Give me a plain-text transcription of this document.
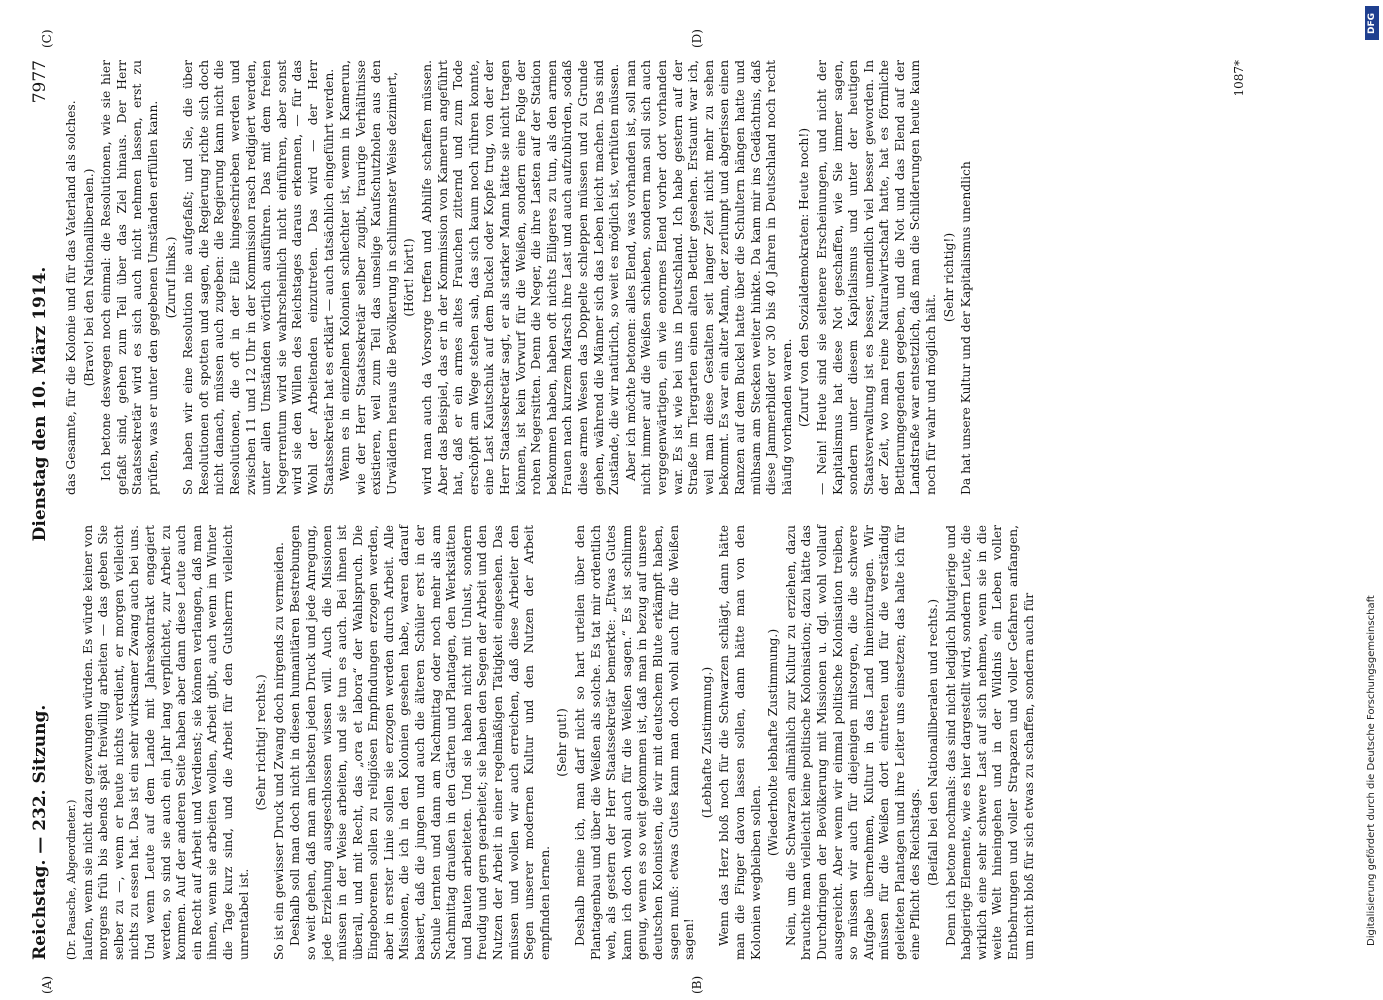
Reichstag. — 232. Sitzung.
Dienstag den 10. März 1914.
7977

(Dr. Paasche, Abgeordneter.) laufen, wenn sie nicht dazu gezwungen würden. Es würde keiner von morgens früh bis abends spät freiwillig arbeiten — das geben Sie selber zu —, wenn er heute nichts verdient, er morgen vielleicht nichts zu essen hat. Das ist ein sehr wirksamer Zwang auch bei uns. Und wenn Leute auf dem Lande mit Jahreskontrakt engagiert werden, so sind sie auch ein Jahr lang verpflichtet, zur Arbeit zu kommen. Auf der anderen Seite haben aber dann diese Leute auch ein Recht auf Arbeit und Verdienst; sie können verlangen, daß man ihnen, wenn sie arbeiten wollen, Arbeit gibt, auch wenn im Winter die Tage kurz sind, und die Arbeit für den Gutsherrn vielleicht unrentabel ist.

(Sehr richtig! rechts.) So ist ein gewisser Druck und Zwang doch nirgends zu vermeiden. Deshalb soll man doch nicht in diesen humanitären Bestrebungen so weit gehen, daß man am liebsten jeden Druck und jede Anregung, jede Erziehung ausgeschlossen wissen will. Auch die Missionen müssen in der Weise arbeiten, und sie tun es auch. Bei ihnen ist überall, und mit Recht, das „ora et labora“ der Wahlspruch. Die Eingeborenen sollen zu religiösen Empfindungen erzogen werden, aber in erster Linie sollen sie erzogen werden durch Arbeit. Alle Missionen, die ich in den Kolonien gesehen habe, waren darauf basiert, daß die jungen und auch die älteren Schüler erst in der Schule lernten und dann am Nachmittag oder noch mehr als am Nachmittag draußen in den Gärten und Plantagen, den Werkstätten und Bauten arbeiteten. Und sie haben nicht mit Unlust, sondern freudig und gern gearbeitet; sie haben den Segen der Arbeit und den Nutzen der Arbeit in einer regelmäßigen Tätigkeit eingesehen. Das müssen und wollen wir auch erreichen, daß diese Arbeiter den Segen unserer modernen Kultur und den Nutzen der Arbeit empfinden lernen.

(Sehr gut!) Deshalb meine ich, man darf nicht so hart urteilen über den Plantagenbau und über die Weißen als solche. Es tat mir ordentlich weh, als gestern der Herr Staatssekretär bemerkte: „Etwas Gutes kann ich doch wohl auch für die Weißen sagen.“ Es ist schlimm genug, wenn es so weit gekommen ist, daß man in bezug auf unsere deutschen Kolonisten, die wir mit deutschem Blute erkämpft haben, sagen muß: etwas Gutes kann man doch wohl auch für die Weißen sagen!

(Lebhafte Zustimmung.) Wenn das Herz bloß noch für die Schwarzen schlägt, dann hätte man die Finger davon lassen sollen, dann hätte man von den Kolonien wegbleiben sollen.

(Wiederholte lebhafte Zustimmung.) Nein, um die Schwarzen allmählich zur Kultur zu erziehen, dazu brauchte man vielleicht keine politische Kolonisation; dazu hätte das Durchdringen der Bevölkerung mit Missionen u. dgl. wohl vollauf ausgereicht. Aber wenn wir einmal politische Kolonisation treiben, so müssen wir auch für diejenigen mitsorgen, die die schwere Aufgabe übernehmen, Kultur in das Land hineinzutragen. Wir müssen für die Weißen dort eintreten und für die verständig geleiteten Plantagen und ihre Leiter uns einsetzen; das halte ich für eine Pflicht des Reichstags. (Beifall bei den Nationalliberalen und rechts.) Denn ich betone nochmals: das sind nicht lediglich blutgierige und habgierige Elemente, wie es hier dargestellt wird, sondern Leute, die wirklich eine sehr schwere Last auf sich nehmen, wenn sie in die weite Welt hineingehen und in der Wildnis ein Leben voller Entbehrungen und voller Strapazen und voller Gefahren anfangen, um nicht bloß für sich etwas zu schaffen, sondern auch für

das Gesamte, für die Kolonie und für das Vaterland als solches. (Bravo! bei den Nationalliberalen.) Ich betone deswegen noch einmal: die Resolutionen, wie sie hier gefaßt sind, gehen zum Teil über das Ziel hinaus. Der Herr Staatssekretär wird es sich auch nicht nehmen lassen, erst zu prüfen, was er unter den gegebenen Umständen erfüllen kann. (Zuruf links.) So haben wir eine Resolution nie aufgefaßt; und Sie, die über Resolutionen oft spotten und sagen, die Regierung richte sich doch nicht danach, müssen auch zugeben: die Regierung kann nicht die Resolutionen, die oft in der Eile hingeschrieben werden und zwischen 11 und 12 Uhr in der Kommission rasch redigiert werden, unter allen Umständen wörtlich ausführen. Das mit dem freien Negerrentum wird sie wahrscheinlich nicht einführen, aber sonst wird sie den Willen des Reichstages daraus erkennen, — für das Wohl der Arbeitenden einzutreten. Das wird — der Herr Staatssekretär hat es erklärt — auch tatsächlich eingeführt werden. Wenn es in einzelnen Kolonien schlechter ist, wenn in Kamerun, wie der Herr Staatssekretär selber zugibt, traurige Verhältnisse existieren, weil zum Teil das unselige Kaufschutzholen aus den Urwäldern heraus die Bevölkerung in schlimmster Weise dezimiert, (Hört! hört!) wird man auch da Vorsorge treffen und Abhilfe schaffen müssen. Aber das Beispiel, das er in der Kommission von Kamerun angeführt hat, daß er ein armes altes Frauchen zitternd und zum Tode erschöpft am Wege stehen sah, das sich kaum noch rühren konnte, eine Last Kautschuk auf dem Buckel oder Kopfe trug, von der der Herr Staatssekretär sagt, er als starker Mann hätte sie nicht tragen können, ist kein Vorwurf für die Weißen, sondern eine Folge der rohen Negersitten. Denn die Neger, die ihre Lasten auf der Station bekommen haben, haben oft nichts Eiligeres zu tun, als den armen Frauen nach kurzem Marsch ihre Last und auch aufzubürden, sodaß diese armen Wesen das Doppelte schleppen müssen und zu Grunde gehen, während die Männer sich das Leben leicht machen. Das sind Zustände, die wir natürlich, so weit es möglich ist, verhüten müssen. Aber ich möchte betonen: alles Elend, was vorhanden ist, soll man nicht immer auf die Weißen schieben, sondern man soll sich auch vergegenwärtigen, ein wie enormes Elend vorher dort vorhanden war. Es ist wie bei uns in Deutschland. Ich habe gestern auf der Straße im Tiergarten einen alten Bettler gesehen. Erstaunt war ich, weil man diese Gestalten seit langer Zeit nicht mehr zu sehen bekommt. Es war ein alter Mann, der zerlumpt und abgerissen einen Ranzen auf dem Buckel hatte über die Schultern hängen hatte und mühsam am Stecken weiter hinkte. Da kam mir ins Gedächtnis, daß diese Jammerbilder vor 30 bis 40 Jahren in Deutschland noch recht häufig vorhanden waren. (Zuruf von den Sozialdemokraten: Heute noch!) — Nein! Heute sind sie seltenere Erscheinungen, und nicht der Kapitalismus hat diese Not geschaffen, wie Sie immer sagen, sondern unter diesem Kapitalismus und unter der heutigen Staatsverwaltung ist es besser, unendlich viel besser geworden. In der Zeit, wo man reine Naturalwirtschaft hatte, hat es förmliche Bettlerumgegenden gegeben, und die Not und das Elend auf der Landstraße war entsetzlich, daß man die Schilderungen heute kaum noch für wahr und möglich hält.

(Sehr richtig!) Da hat unsere Kultur und der Kapitalismus unendlich

1087*
(A)	(B)
(C)	(D)
DFG
Digitalisierung gefördert durch die Deutsche Forschungsgemeinschaft
